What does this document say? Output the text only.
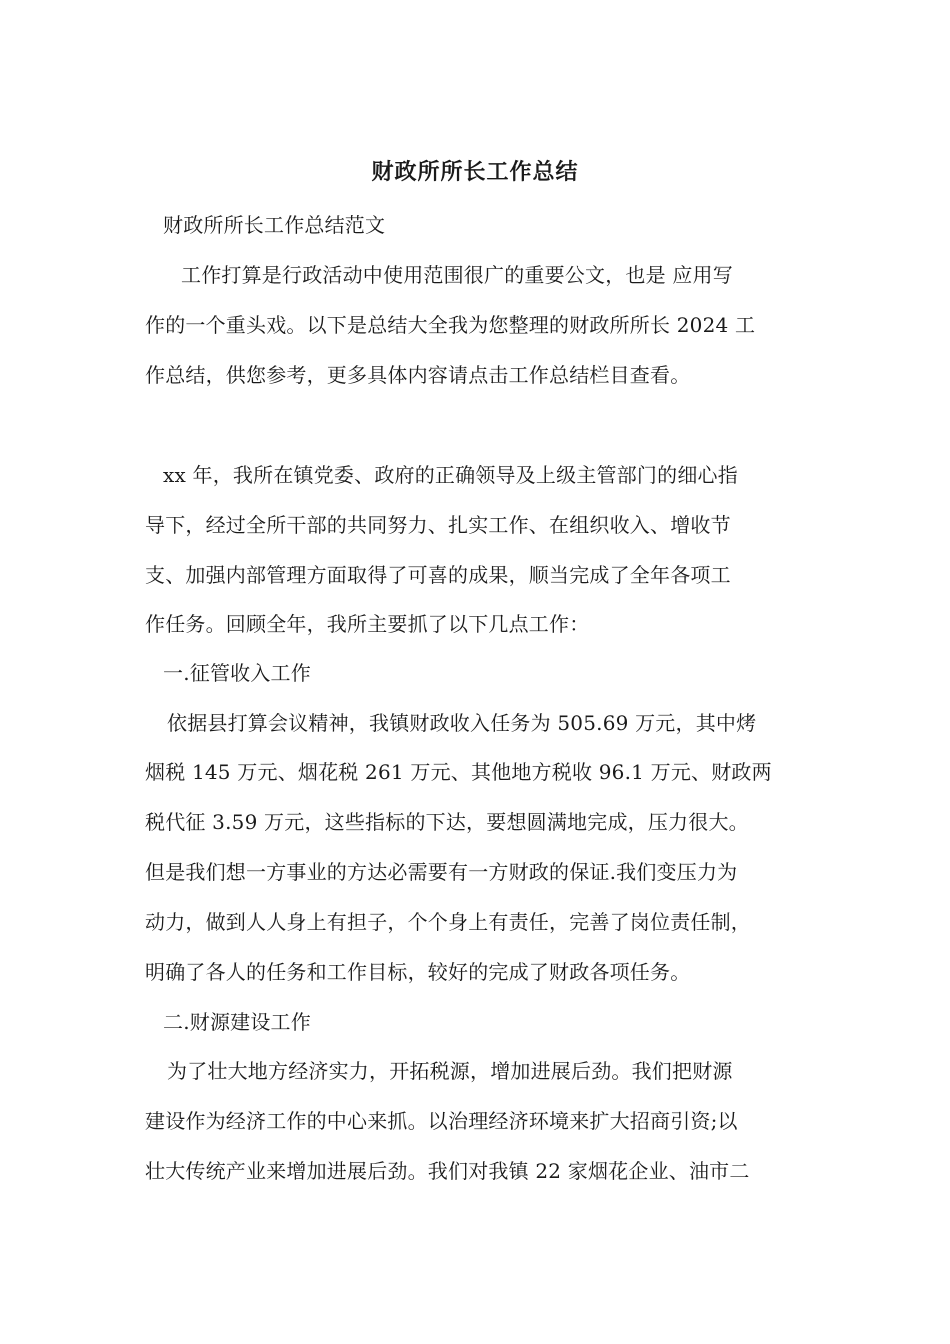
财政所所长工作总结
财政所所长工作总结范文
工作打算是行政活动中使用范围很广的重要公文，也是 应用写
作的一个重头戏。以下是总结大全我为您整理的财政所所长 2024 工
作总结，供您参考，更多具体内容请点击工作总结栏目查看。
xx 年，我所在镇党委、政府的正确领导及上级主管部门的细心指
导下，经过全所干部的共同努力、扎实工作、在组织收入、增收节
支、加强内部管理方面取得了可喜的成果，顺当完成了全年各项工
作任务。回顾全年，我所主要抓了以下几点工作：
一.征管收入工作
依据县打算会议精神，我镇财政收入任务为 505.69 万元，其中烤
烟税 145 万元、烟花税 261 万元、其他地方税收 96.1 万元、财政两
税代征 3.59 万元，这些指标的下达，要想圆满地完成，压力很大。
但是我们想一方事业的方达必需要有一方财政的保证.我们变压力为
动力，做到人人身上有担子，个个身上有责任，完善了岗位责任制，
明确了各人的任务和工作目标，较好的完成了财政各项任务。
二.财源建设工作
为了壮大地方经济实力，开拓税源，增加进展后劲。我们把财源
建设作为经济工作的中心来抓。以治理经济环境来扩大招商引资;以
壮大传统产业来增加进展后劲。我们对我镇 22 家烟花企业、油市二
